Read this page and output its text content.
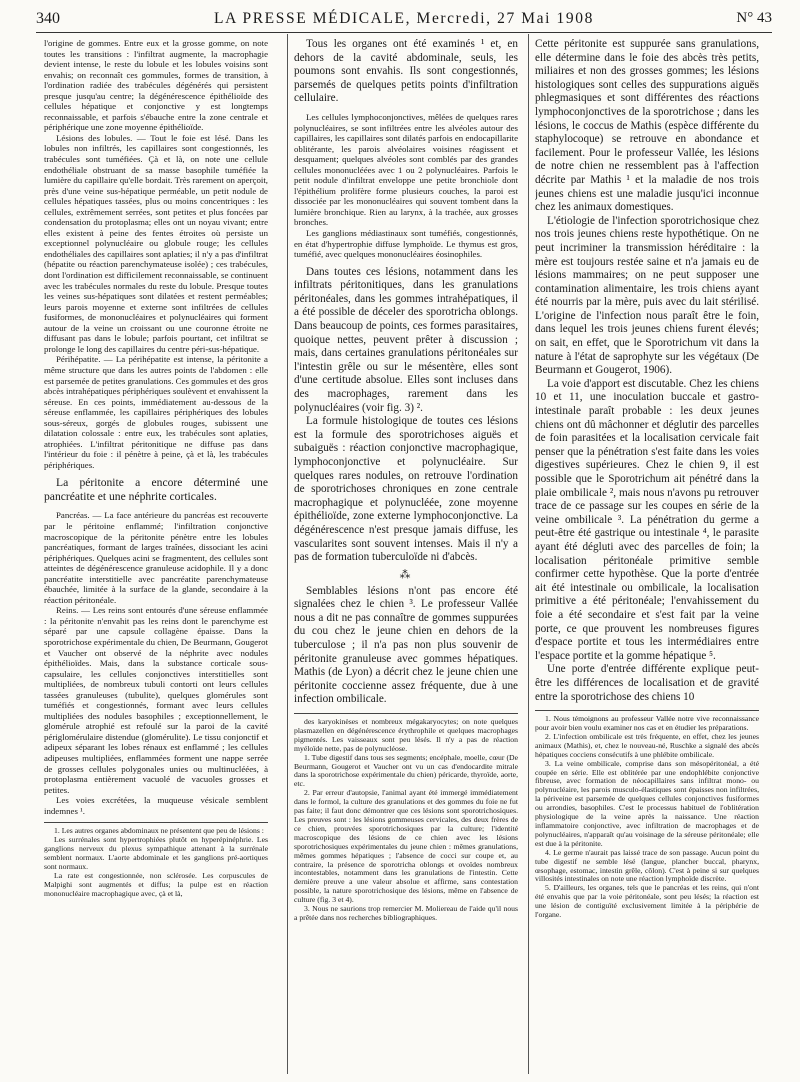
340	LA PRESSE MÉDICALE, Mercredi, 27 Mai 1908	N° 43

l'origine de gommes. Entre eux et la grosse gomme, on note toutes les transitions : l'infiltrat augmente, la macrophagie devient intense, le reste du lobule et les lobules voisins sont envahis; on reconnaît ces gommules, formes de transition, à l'ordination radiée des trabécules dégénérés qui persistent presque jusqu'au centre; la dégénérescence épithélioïde des cellules hépatique et conjonctive y est longtemps reconnaissable, et parfois s'ébauche entre la zone centrale et périphérique une zone moyenne épithélioïde.

Lésions des lobules. — Tout le foie est lésé. Dans les lobules non infiltrés, les capillaires sont congestionnés, les trabécules sont tuméfiées. Çà et là, on note une cellule endothéliale obstruant de sa masse basophile tuméfiée la lumière du capillaire qu'elle bordait. Très rarement on aperçoit, près d'une veine sus-hépatique perméable, un petit nodule de cellules hépatiques tassées, plus ou moins concentriques : les cellules, extrêmement serrées, sont petites et plus foncées par condensation du protoplasma; elles ont un noyau vivant; entre elles existent à peine des fentes étroites où persiste un exceptionnel polynucléaire ou globule rouge; les cellules endothéliales des capillaires sont aplaties; il n'y a pas d'infiltrat (hépatite ou réaction parenchymateuse isolée) ; ces trabécules, dont l'ordination est difficilement reconnaissable, se continuent avec les trabécules normales du reste du lobule. Presque toutes les veines sus-hépatiques sont dilatées et restent perméables; leurs parois moyenne et externe sont infiltrées de cellules fusiformes, de mononucléaires et polynucléaires qui forment autour de la veine un croissant ou une couronne étroite ne diffusant pas dans le lobule; parfois pourtant, cet infiltrat se prolonge le long des capillaires du centre péri-sus-hépatique.

Périhépatite. — La périhépatite est intense, la péritonite a même structure que dans les autres points de l'abdomen : elle est parsemée de petites granulations. Ces gommules et des gros abcès intrahépatiques périphériques soulèvent et envahissent la séreuse. En ces points, immédiatement au-dessous de la séreuse enflammée, les capillaires périphériques des lobules sous-séreux, gorgés de globules rouges, subissent une dilatation colossale : entre eux, les trabécules sont aplaties, atrophiées. L'infiltrat péritonitique ne diffuse pas dans l'intérieur du foie : il pénètre à peine, çà et là, les trabécules périphériques.

La péritonite a encore déterminé une pancréatite et une néphrite corticales.

Pancréas. — La face antérieure du pancréas est recouverte par le péritoine enflammé; l'infiltration conjonctive macroscopique de la péritonite pénètre entre les lobules pancréatiques, formant de larges traînées, dissociant les acini périphériques. Quelques acini se fragmentent, des cellules sont atteintes de dégénérescence granuleuse acidophile. Il y a donc pancréatite interstitielle avec pancréatite parenchymateuse ébauchée, limitée à la surface de la glande, secondaire à la réaction péritonéale.

Reins. — Les reins sont entourés d'une séreuse enflammée : la péritonite n'envahit pas les reins dont le parenchyme est séparé par une capsule collagène épaisse. Dans la sporotrichose expérimentale du chien, De Beurmann, Gougerot et Vaucher ont observé de la néphrite avec nodules épithélioïdes. Mais, dans la substance corticale sous-capsulaire, les cellules conjonctives interstitielles sont multipliées, de nombreux tubuli contorti ont leurs cellules tassées granuleuses (tubulite), quelques glomérules sont tuméfiés et congestionnés, formant avec leurs cellules multipliées des nodules basophiles ; exceptionnellement, le glomérule atrophié est refoulé sur la paroi de la cavité périglomérulaire distendue (glomérulite). Le tissu conjonctif et adipeux séparant les lobes rénaux est enflammé ; les cellules adipeuses multipliées, enflammées forment une nappe serrée de grosses cellules polygonales unies ou multinucléées, à protoplasma entièrement vacuolé de vacuoles grosses et petites.

Les voies excrétées, la muqueuse vésicale semblent indemnes ¹.

1. Les autres organes abdominaux ne présentent que peu de lésions :

Les surrénales sont hypertrophiées plutôt en hyperépinéphrie. Les ganglions nerveux du plexus sympathique attenant à la surrénale semblent normaux. L'aorte abdominale et les ganglions pré-aortiques sont normaux.

La rate est congestionnée, non sclérosée. Les corpuscules de Malpighi sont augmentés et diffus; la pulpe est en réaction mononucléaire macrophagique avec, çà et là,

Tous les organes ont été examinés ¹ et, en dehors de la cavité abdominale, seuls, les poumons sont envahis. Ils sont congestionnés, parsemés de quelques petits points d'infiltration cellulaire.

Les cellules lymphoconjonctives, mêlées de quelques rares polynucléaires, se sont infiltrées entre les alvéoles autour des capillaires, les capillaires sont dilatés parfois en endocapillarite oblitérante, les parois alvéolaires voisines réagissent et desquament; quelques alvéoles sont comblés par des grandes cellules mononucléées avec 1 ou 2 polynucléaires. Parfois le petit nodule d'infiltrat enveloppe une petite bronchiole dont l'épithélium prolifère forme plusieurs couches, la paroi est dissociée par les mononucléaires qui souvent tombent dans la lumière bronchique. Rien au larynx, à la trachée, aux grosses bronches.

Les ganglions médiastinaux sont tuméfiés, congestionnés, en état d'hypertrophie diffuse lymphoïde. Le thymus est gros, tuméfié, avec quelques mononucléaires éosinophiles.

Dans toutes ces lésions, notamment dans les infiltrats péritonitiques, dans les granulations péritonéales, dans les gommes intrahépatiques, il a été possible de déceler des sporotricha oblongs. Dans beaucoup de points, ces formes parasitaires, quoique nettes, peuvent prêter à discussion ; mais, dans certaines granulations péritonéales sur l'intestin grêle ou sur le mésentère, elles sont d'une certitude absolue. Elles sont incluses dans des macrophages, rarement dans les polynucléaires (voir fig. 3) ².

La formule histologique de toutes ces lésions est la formule des sporotrichoses aiguës et subaiguës : réaction conjonctive macrophagique, lymphoconjonctive et polynucléaire. Sur quelques rares nodules, on retrouve l'ordination de sporotrichoses chroniques en zone centrale macrophagique et polynucléée, zone moyenne épithélioïde, zone externe lymphoconjonctive. La dégénérescence n'est presque jamais diffuse, les vascularites sont souvent intenses. Mais il n'y a pas de formation tuberculoïde ni d'abcès.

⁂

Semblables lésions n'ont pas encore été signalées chez le chien ³. Le professeur Vallée nous a dit ne pas connaître de gommes suppurées du cou chez le jeune chien en dehors de la tuberculose ; il n'a pas non plus souvenir de péritonite granuleuse avec gommes hépatiques. Mathis (de Lyon) a décrit chez le jeune chien une péritonite coccienne assez fréquente, due à une infection ombilicale.

des karyokinèses et nombreux mégakaryocytes; on note quelques plasmazellen en dégénérescence érythrophile et quelques macrophages pigmentés. Les vaisseaux sont peu lésés. Il n'y a pas de réaction myéloïde nette, pas de polynucléose.

1. Tube digestif dans tous ses segments; encéphale, moelle, cœur (De Beurmann, Gougerot et Vaucher ont vu un cas d'endocardite mitrale dans la sporotrichose expérimentale du chien) péricarde, thyroïde, aorte, etc.

2. Par erreur d'autopsie, l'animal ayant été immergé immédiatement dans le formol, la culture des granulations et des gommes du foie ne fut pas faite; il faut donc démontrer que ces lésions sont sporotrichosiques. Les preuves sont : les lésions gommeuses cervicales, des deux frères de ce chien, prouvées sporotrichosiques par la culture; l'identité macroscopique des lésions de ce chien avec les lésions sporotrichosiques expérimentales du jeune chien : mêmes granulations, mêmes gommes hépatiques ; l'absence de cocci sur coupe et, au contraire, la présence de sporotricha oblongs et ovoïdes nombreux incontestables, notamment dans les granulations de l'intestin. Cette dernière preuve a une valeur absolue et affirme, sans contestation possible, la nature sporotrichosique des lésions, même en l'absence de culture (fig. 3 et 4).

3. Nous ne saurions trop remercier M. Moliereau de l'aide qu'il nous a prêtée dans nos recherches bibliographiques.

Cette péritonite est suppurée sans granulations, elle détermine dans le foie des abcès très petits, miliaires et non des grosses gommes; les lésions histologiques sont celles des suppurations aiguës phlegmasiques et sont différentes des réactions lymphoconjonctives de la sporotrichose ; dans les lésions, le coccus de Mathis (espèce différente du staphylocoque) se retrouve en abondance et facilement. Pour le professeur Vallée, les lésions de notre chien ne ressemblent pas à l'affection décrite par Mathis ¹ et la maladie de nos trois jeunes chiens est une maladie jusqu'ici inconnue chez les animaux domestiques.

L'étiologie de l'infection sporotrichosique chez nos trois jeunes chiens reste hypothétique. On ne peut incriminer la transmission héréditaire : la mère est toujours restée saine et n'a jamais eu de lésions mammaires; on ne peut supposer une contamination alimentaire, les trois chiens ayant été nourris par la mère, puis avec du lait stérilisé. L'origine de l'infection nous paraît être le foin, dans lequel les trois jeunes chiens furent élevés; on sait, en effet, que le Sporotrichum vit dans la nature à l'état de saprophyte sur les végétaux (De Beurmann et Gougerot, 1906).

La voie d'apport est discutable. Chez les chiens 10 et 11, une inoculation buccale et gastro-intestinale paraît probable : les deux jeunes chiens ont dû mâchonner et déglutir des parcelles de foin parasitées et la localisation cervicale fait penser que la pénétration s'est faite dans les voies digestives supérieures. Chez le chien 9, il est possible que le Sporotrichum ait pénétré dans la plaie ombilicale ², mais nous n'avons pu retrouver trace de ce passage sur les coupes en série de la veine ombilicale ³. La pénétration du germe a peut-être été gastrique ou intestinale ⁴, le parasite ayant été dégluti avec des parcelles de foin; la localisation péritonéale primitive semble confirmer cette hypothèse. Que la porte d'entrée ait été intestinale ou ombilicale, la localisation primitive a été péritonéale; l'envahissement du foie a été secondaire et s'est fait par la veine porte, ce que prouvent les nombreuses figures d'espace portite et tous les intermédiaires entre l'espace portite et la gomme hépatique ⁵.

Une porte d'entrée différente explique peut-être les différences de localisation et de gravité entre la sporotrichose des chiens 10

1. Nous témoignons au professeur Vallée notre vive reconnaissance pour avoir bien voulu examiner nos cas et en étudier les préparations.

2. L'infection ombilicale est très fréquente, en effet, chez les jeunes animaux (Mathis), et, chez le nouveau-né, Ruschke a signalé des abcès hépatiques cocciens consécutifs à une phlébite ombilicale.

3. La veine ombilicale, comprise dans son mésopéritonéal, a été coupée en série. Elle est oblitérée par une endophlébite conjonctive fibreuse, avec formation de néocapillaires sans infiltrat mono- ou polynucléaire, les parois musculo-élastiques sont épaisses non infiltrées, la périveine est parsemée de quelques cellules conjonctives fusiformes ou arrondies, basophiles. C'est le processus habituel de l'oblitération physiologique de la veine après la naissance. Une réaction inflammatoire conjonctive, avec infiltration de macrophages et de polynucléaires, n'apparaît qu'au voisinage de la séreuse péritonéale; elle est due à la péritonite.

4. Le germe n'aurait pas laissé trace de son passage. Aucun point du tube digestif ne semble lésé (langue, plancher buccal, pharynx, œsophage, estomac, intestin grêle, côlon). C'est à peine si sur quelques villosités intestinales on note une réaction lymphoïde discrète.

5. D'ailleurs, les organes, tels que le pancréas et les reins, qui n'ont été envahis que par la voie péritonéale, sont peu lésés; la réaction est une lésion de contiguïté exclusivement limitée à la périphérie de l'organe.
